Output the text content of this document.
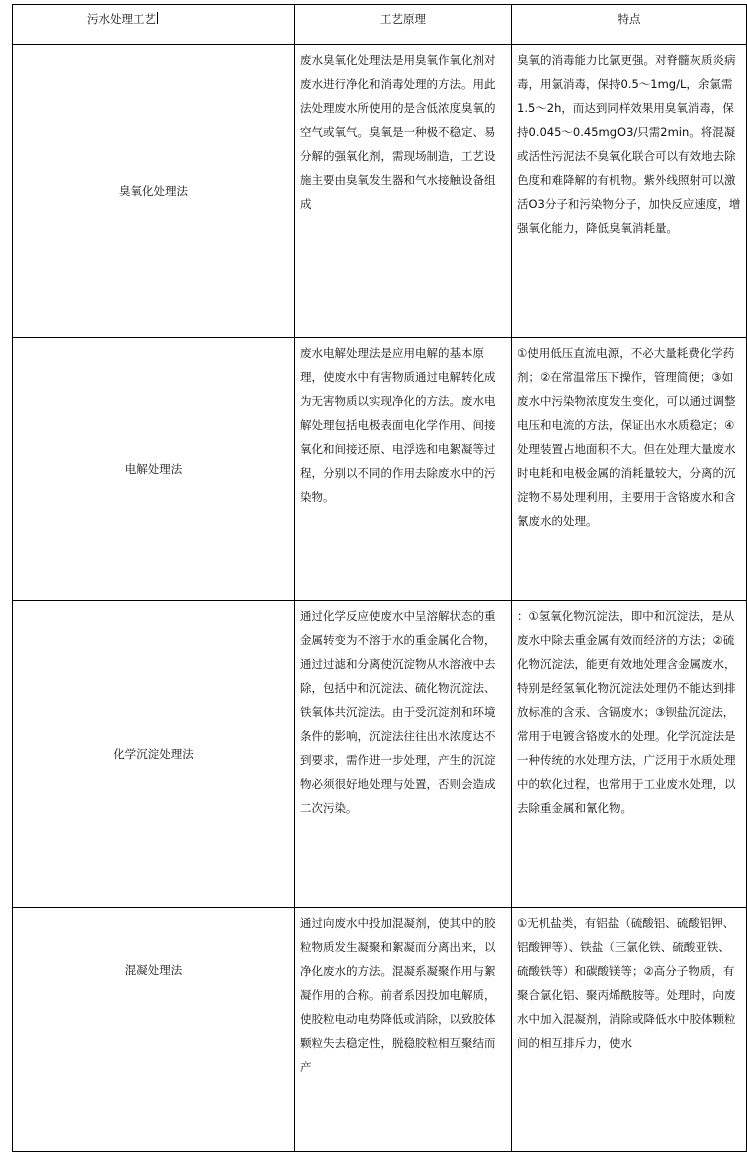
污水处理工艺	工艺原理	特点
臭氧化处理法	废水臭氧化处理法是用臭氧作氧化剂对废水进行净化和消毒处理的方法。用此法处理废水所使用的是含低浓度臭氧的空气或氧气。臭氧是一种极不稳定、易分解的强氧化剂，需现场制造，工艺设施主要由臭氧发生器和气水接触设备组成	臭氧的消毒能力比氯更强。对脊髓灰质炎病毒，用氯消毒，保持0.5～1mg/L，余氯需1.5～2h，而达到同样效果用臭氧消毒，保持0.045～0.45mgO3/只需2min。将混凝或活性污泥法不臭氧化联合可以有效地去除色度和难降解的有机物。紫外线照射可以激活O3分子和污染物分子，加快反应速度，增强氧化能力，降低臭氧消耗量。
电解处理法	废水电解处理法是应用电解的基本原理，使废水中有害物质通过电解转化成为无害物质以实现净化的方法。废水电解处理包括电极表面电化学作用、间接氧化和间接还原、电浮选和电絮凝等过程，分别以不同的作用去除废水中的污染物。	①使用低压直流电源，不必大量耗费化学药剂；②在常温常压下操作，管理简便；③如废水中污染物浓度发生变化，可以通过调整电压和电流的方法，保证出水水质稳定；④处理装置占地面积不大。但在处理大量废水时电耗和电极金属的消耗量较大，分离的沉淀物不易处理利用，主要用于含铬废水和含氰废水的处理。
化学沉淀处理法	通过化学反应使废水中呈溶解状态的重金属转变为不溶于水的重金属化合物，通过过滤和分离使沉淀物从水溶液中去除，包括中和沉淀法、硫化物沉淀法、铁氧体共沉淀法。由于受沉淀剂和环境条件的影响，沉淀法往往出水浓度达不到要求，需作进一步处理，产生的沉淀物必须很好地处理与处置，否则会造成二次污染。	：①氢氧化物沉淀法，即中和沉淀法，是从废水中除去重金属有效而经济的方法；②硫化物沉淀法，能更有效地处理含金属废水，特别是经氢氧化物沉淀法处理仍不能达到排放标准的含汞、含镉废水；③钡盐沉淀法，常用于电镀含铬废水的处理。化学沉淀法是一种传统的水处理方法，广泛用于水质处理中的软化过程，也常用于工业废水处理，以去除重金属和氰化物。
混凝处理法	通过向废水中投加混凝剂，使其中的胶粒物质发生凝聚和絮凝而分离出来，以净化废水的方法。混凝系凝聚作用与絮凝作用的合称。前者系因投加电解质，使胶粒电动电势降低或消除，以致胶体颗粒失去稳定性，脱稳胶粒相互聚结而产	①无机盐类，有铝盐（硫酸铝、硫酸铝钾、铝酸钾等）、铁盐（三氯化铁、硫酸亚铁、硫酸铁等）和碳酸镁等；②高分子物质，有聚合氯化铝、聚丙烯酰胺等。处理时，向废水中加入混凝剂，消除或降低水中胶体颗粒间的相互排斥力，使水
